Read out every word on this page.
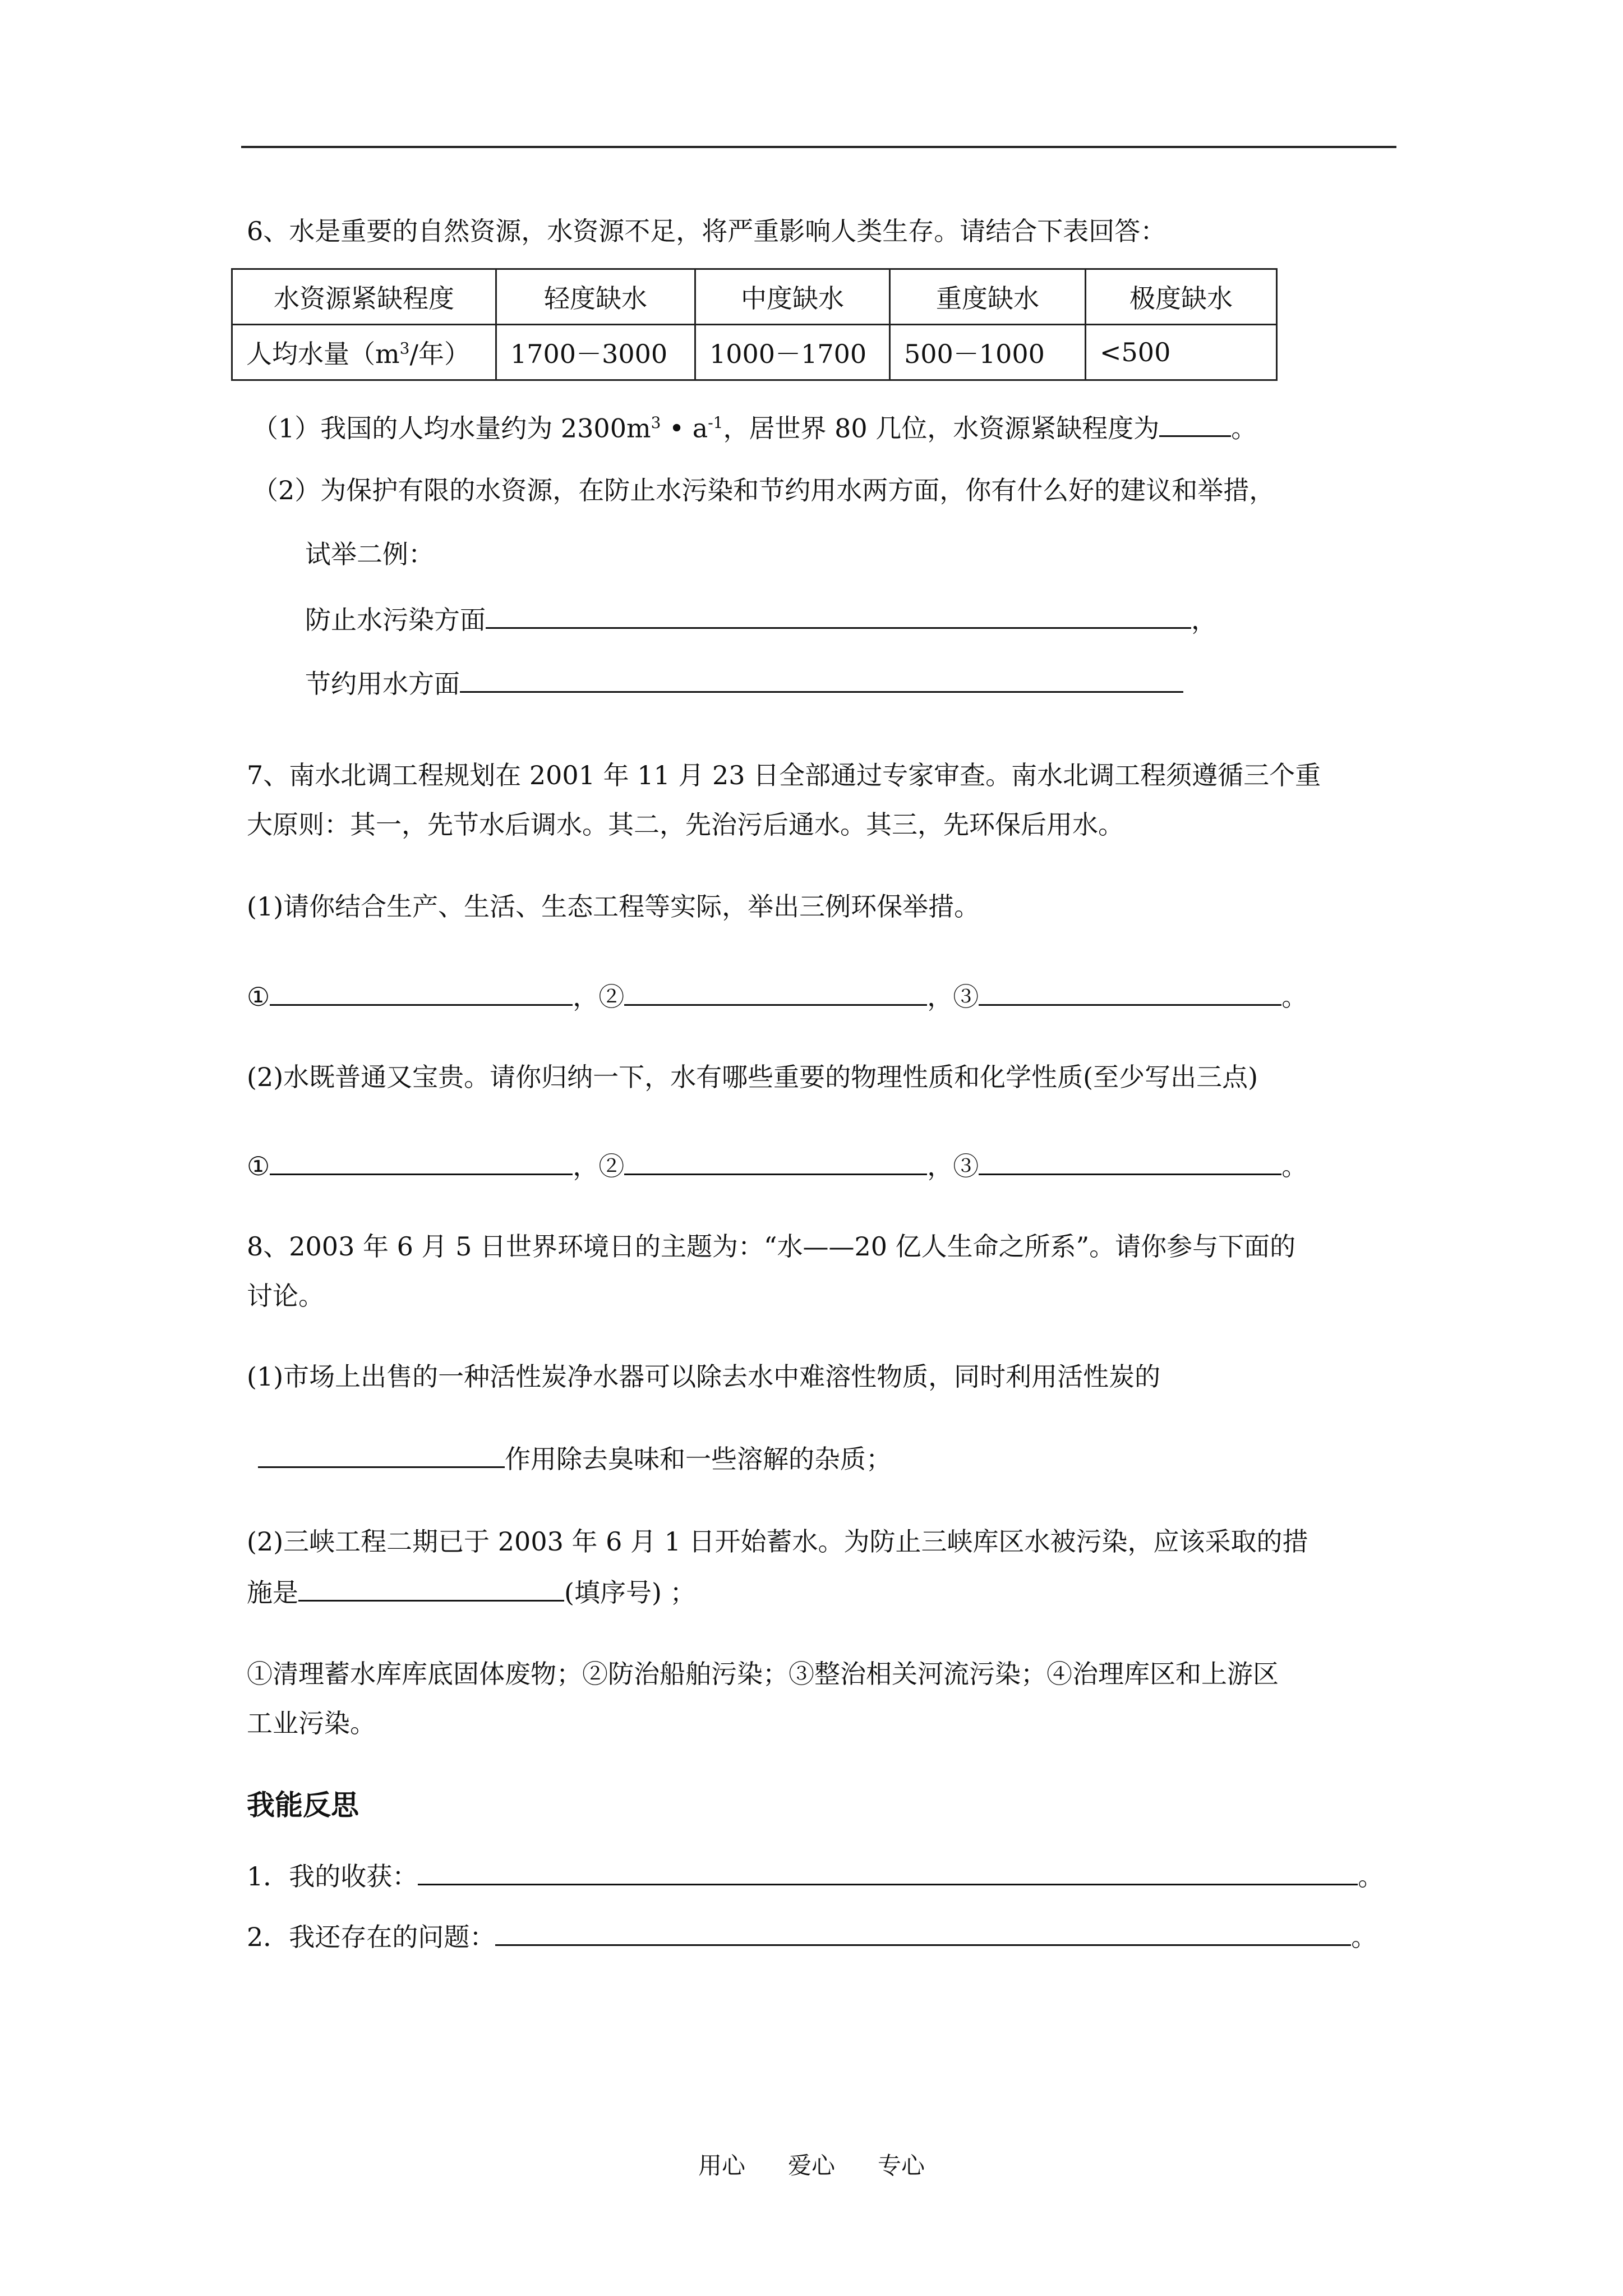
6、水是重要的自然资源，水资源不足，将严重影响人类生存。请结合下表回答：
水资源紧缺程度	轻度缺水	中度缺水	重度缺水	极度缺水
人均水量（$m^3/$年）	1700－3000	1000－1700	500－1000	<500
（1）我国的人均水量约为 $2300m^3$ • $a^{-1}$，居世界 80 几位，水资源紧缺程度为	。
（2）为保护有限的水资源，在防止水污染和节约用水两方面，你有什么好的建议和举措，
试举二例：
防止水污染方面	，
节约用水方面
7、南水北调工程规划在 2001 年 11 月 23 日全部通过专家审查。南水北调工程须遵循三个重
大原则：其一，先节水后调水。其二，先治污后通水。其三，先环保后用水。
(1)请你结合生产、生活、生态工程等实际，举出三例环保举措。
①	，②	，③	。
(2)水既普通又宝贵。请你归纳一下，水有哪些重要的物理性质和化学性质(至少写出三点)
①	，②	，③	。
8、2003 年 6 月 5 日世界环境日的主题为：“水——20 亿人生命之所系”。请你参与下面的
讨论。
(1)市场上出售的一种活性炭净水器可以除去水中难溶性物质，同时利用活性炭的
作用除去臭味和一些溶解的杂质；
(2)三峡工程二期已于 2003 年 6 月 1 日开始蓄水。为防止三峡库区水被污染，应该采取的措
施是	(填序号) ；
①清理蓄水库库底固体废物；②防治船舶污染；③整治相关河流污染；④治理库区和上游区
工业污染。
我能反思
1．我的收获：	。
2．我还存在的问题：	。
用心 爱心 专心
